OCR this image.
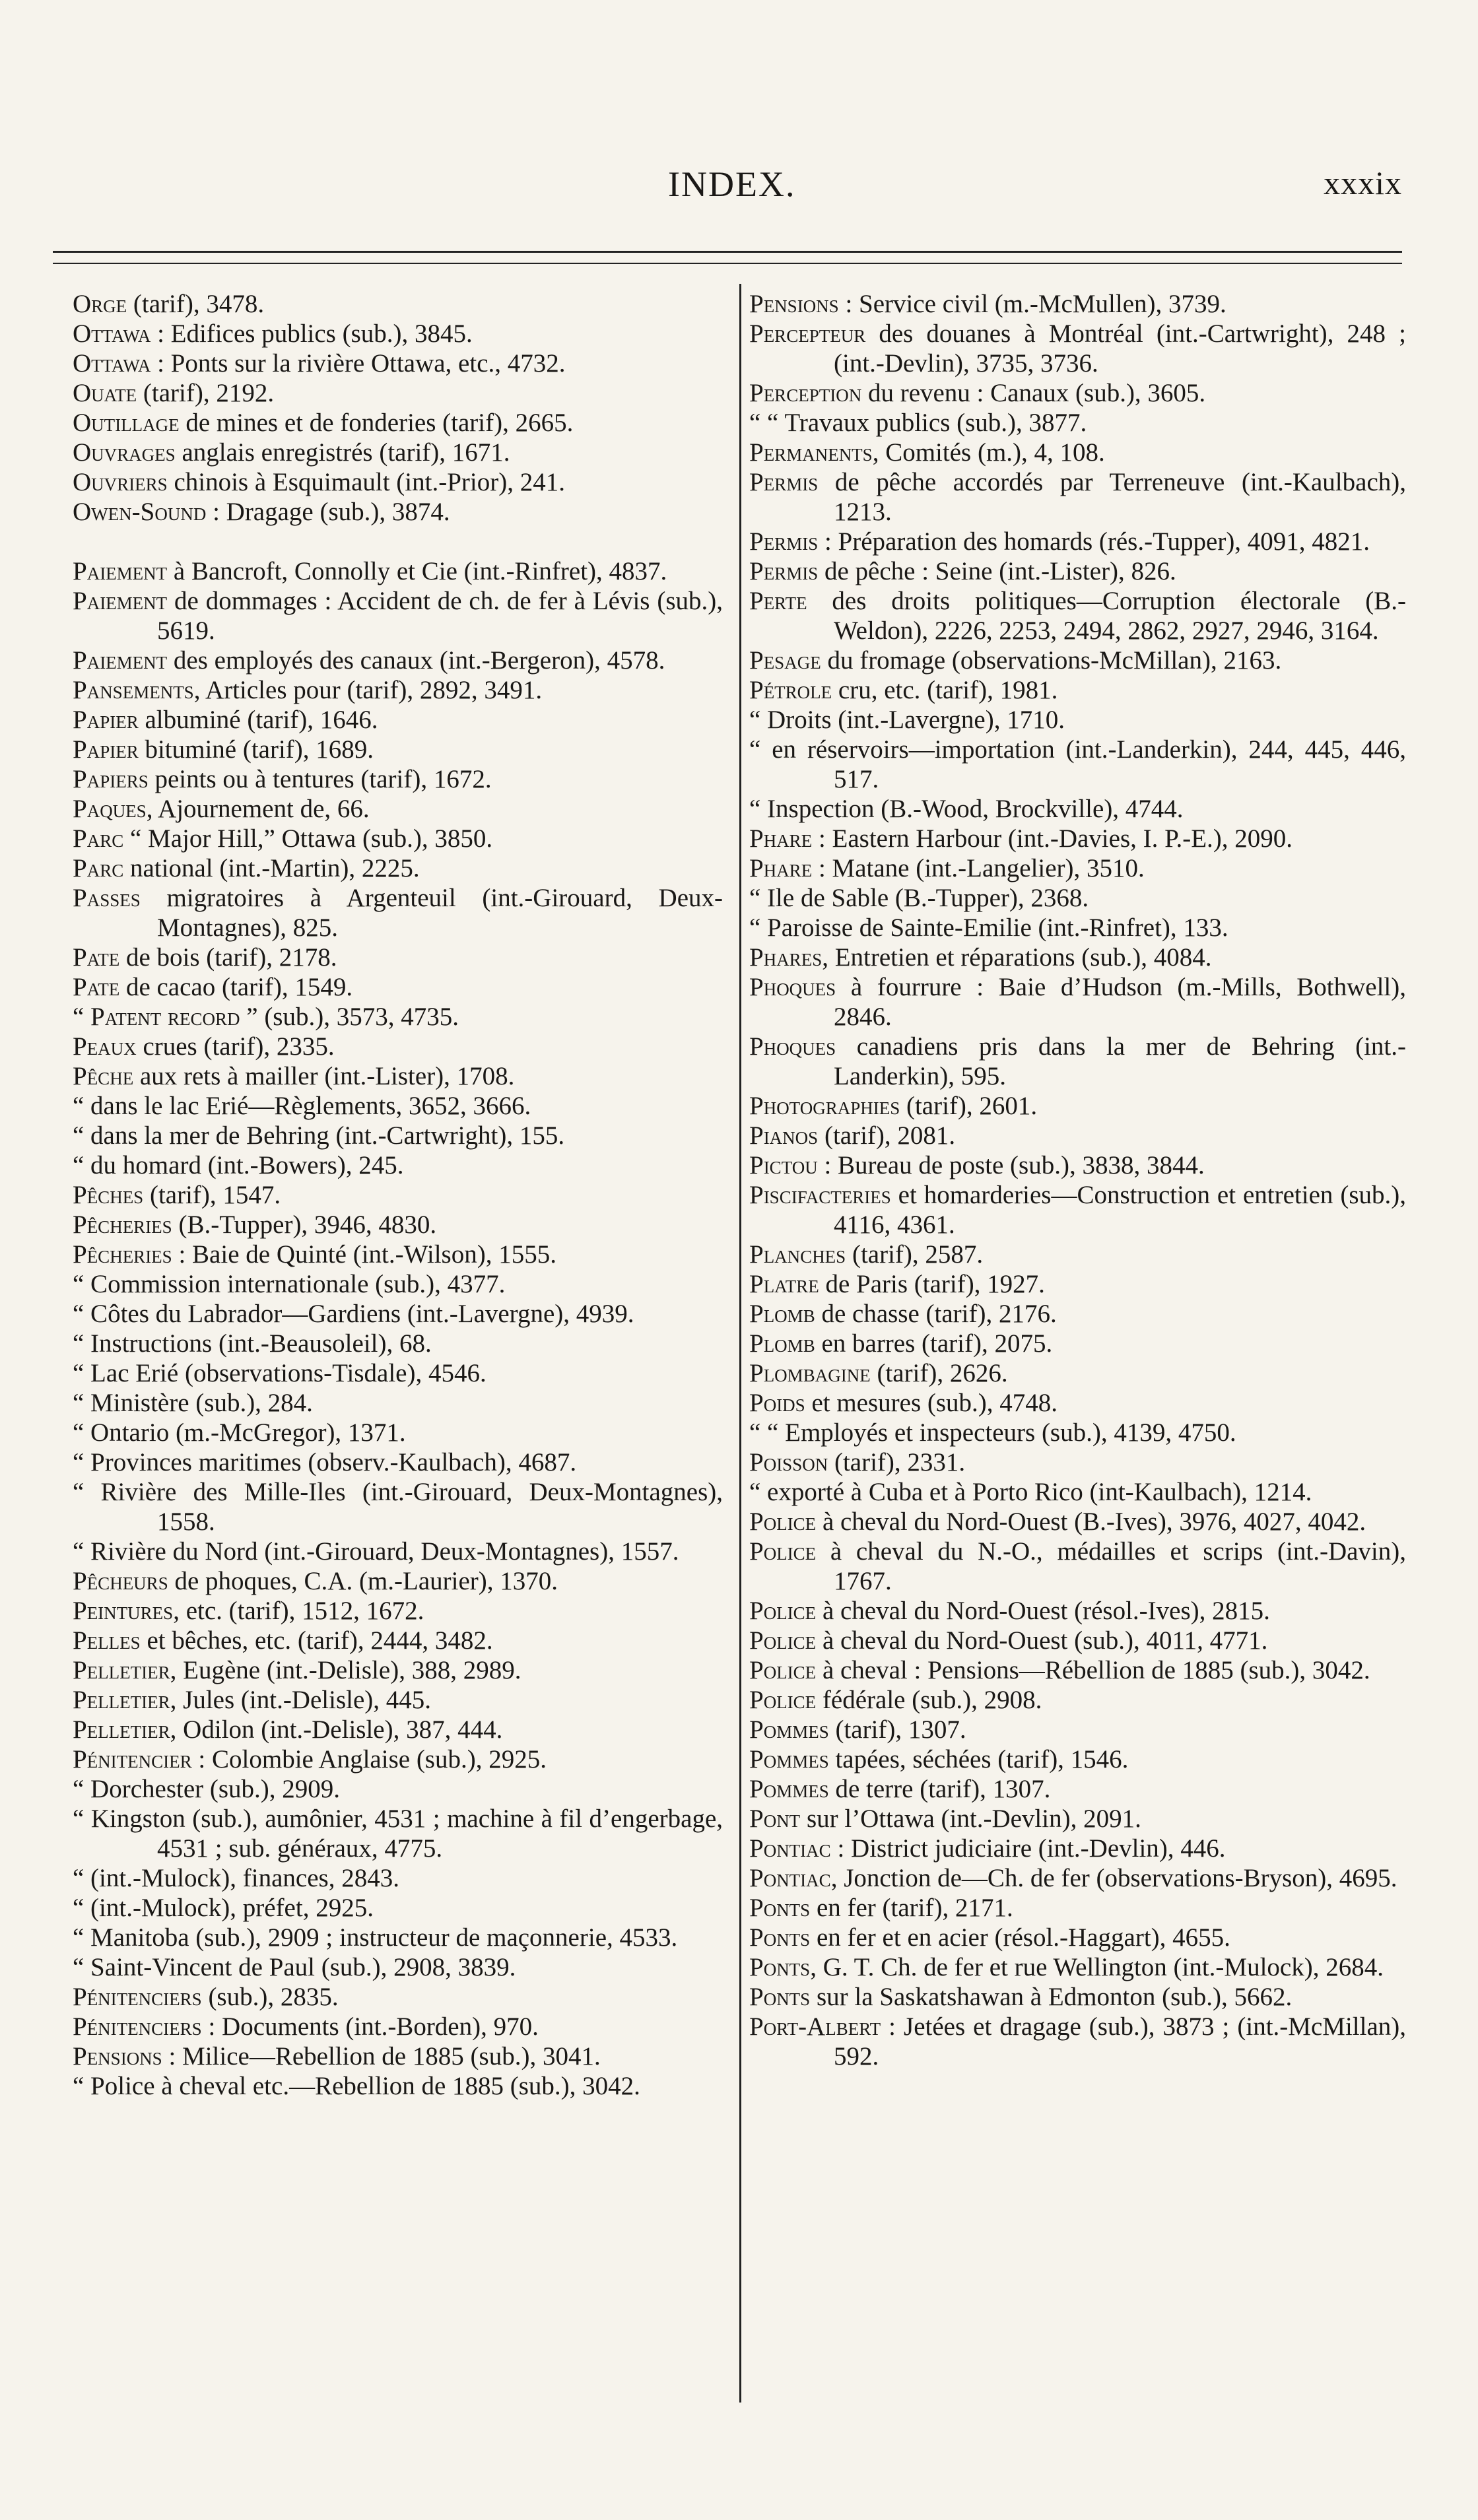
INDEX.	xxxix

Orge (tarif), 3478.

Ottawa : Edifices publics (sub.), 3845.

Ottawa : Ponts sur la rivière Ottawa, etc., 4732.

Ouate (tarif), 2192.

Outillage de mines et de fonderies (tarif), 2665.

Ouvrages anglais enregistrés (tarif), 1671.

Ouvriers chinois à Esquimault (int.-Prior), 241.

Owen-Sound : Dragage (sub.), 3874.

Paiement à Bancroft, Connolly et Cie (int.-Rinfret), 4837.

Paiement de dommages : Accident de ch. de fer à Lévis (sub.), 5619.

Paiement des employés des canaux (int.-Bergeron), 4578.

Pansements, Articles pour (tarif), 2892, 3491.

Papier albuminé (tarif), 1646.

Papier bituminé (tarif), 1689.

Papiers peints ou à tentures (tarif), 1672.

Paques, Ajournement de, 66.

Parc “ Major Hill,” Ottawa (sub.), 3850.

Parc national (int.-Martin), 2225.

Passes migratoires à Argenteuil (int.-Girouard, Deux-Montagnes), 825.

Pate de bois (tarif), 2178.

Pate de cacao (tarif), 1549.

“ Patent record ” (sub.), 3573, 4735.

Peaux crues (tarif), 2335.

Pêche aux rets à mailler (int.-Lister), 1708.

“ dans le lac Erié—Règlements, 3652, 3666.

“ dans la mer de Behring (int.-Cartwright), 155.

“ du homard (int.-Bowers), 245.

Pêches (tarif), 1547.

Pêcheries (B.-Tupper), 3946, 4830.

Pêcheries : Baie de Quinté (int.-Wilson), 1555.

“ Commission internationale (sub.), 4377.

“ Côtes du Labrador—Gardiens (int.-Lavergne), 4939.

“ Instructions (int.-Beausoleil), 68.

“ Lac Erié (observations-Tisdale), 4546.

“ Ministère (sub.), 284.

“ Ontario (m.-McGregor), 1371.

“ Provinces maritimes (observ.-Kaulbach), 4687.

“ Rivière des Mille-Iles (int.-Girouard, Deux-Montagnes), 1558.

“ Rivière du Nord (int.-Girouard, Deux-Montagnes), 1557.

Pêcheurs de phoques, C.A. (m.-Laurier), 1370.

Peintures, etc. (tarif), 1512, 1672.

Pelles et bêches, etc. (tarif), 2444, 3482.

Pelletier, Eugène (int.-Delisle), 388, 2989.

Pelletier, Jules (int.-Delisle), 445.

Pelletier, Odilon (int.-Delisle), 387, 444.

Pénitencier : Colombie Anglaise (sub.), 2925.

“ Dorchester (sub.), 2909.

“ Kingston (sub.), aumônier, 4531 ; machine à fil d’engerbage, 4531 ; sub. généraux, 4775.

“ (int.-Mulock), finances, 2843.

“ (int.-Mulock), préfet, 2925.

“ Manitoba (sub.), 2909 ; instructeur de maçonnerie, 4533.

“ Saint-Vincent de Paul (sub.), 2908, 3839.

Pénitenciers (sub.), 2835.

Pénitenciers : Documents (int.-Borden), 970.

Pensions : Milice—Rebellion de 1885 (sub.), 3041.

“ Police à cheval etc.—Rebellion de 1885 (sub.), 3042.

Pensions : Service civil (m.-McMullen), 3739.

Percepteur des douanes à Montréal (int.-Cartwright), 248 ; (int.-Devlin), 3735, 3736.

Perception du revenu : Canaux (sub.), 3605.

“ “ Travaux publics (sub.), 3877.

Permanents, Comités (m.), 4, 108.

Permis de pêche accordés par Terreneuve (int.-Kaulbach), 1213.

Permis : Préparation des homards (rés.-Tupper), 4091, 4821.

Permis de pêche : Seine (int.-Lister), 826.

Perte des droits politiques—Corruption électorale (B.-Weldon), 2226, 2253, 2494, 2862, 2927, 2946, 3164.

Pesage du fromage (observations-McMillan), 2163.

Pétrole cru, etc. (tarif), 1981.

“ Droits (int.-Lavergne), 1710.

“ en réservoirs—importation (int.-Landerkin), 244, 445, 446, 517.

“ Inspection (B.-Wood, Brockville), 4744.

Phare : Eastern Harbour (int.-Davies, I. P.-E.), 2090.

Phare : Matane (int.-Langelier), 3510.

“ Ile de Sable (B.-Tupper), 2368.

“ Paroisse de Sainte-Emilie (int.-Rinfret), 133.

Phares, Entretien et réparations (sub.), 4084.

Phoques à fourrure : Baie d’Hudson (m.-Mills, Bothwell), 2846.

Phoques canadiens pris dans la mer de Behring (int.-Landerkin), 595.

Photographies (tarif), 2601.

Pianos (tarif), 2081.

Pictou : Bureau de poste (sub.), 3838, 3844.

Piscifacteries et homarderies—Construction et entretien (sub.), 4116, 4361.

Planches (tarif), 2587.

Platre de Paris (tarif), 1927.

Plomb de chasse (tarif), 2176.

Plomb en barres (tarif), 2075.

Plombagine (tarif), 2626.

Poids et mesures (sub.), 4748.

“ “ Employés et inspecteurs (sub.), 4139, 4750.

Poisson (tarif), 2331.

“ exporté à Cuba et à Porto Rico (int-Kaulbach), 1214.

Police à cheval du Nord-Ouest (B.-Ives), 3976, 4027, 4042.

Police à cheval du N.-O., médailles et scrips (int.-Davin), 1767.

Police à cheval du Nord-Ouest (résol.-Ives), 2815.

Police à cheval du Nord-Ouest (sub.), 4011, 4771.

Police à cheval : Pensions—Rébellion de 1885 (sub.), 3042.

Police fédérale (sub.), 2908.

Pommes (tarif), 1307.

Pommes tapées, séchées (tarif), 1546.

Pommes de terre (tarif), 1307.

Pont sur l’Ottawa (int.-Devlin), 2091.

Pontiac : District judiciaire (int.-Devlin), 446.

Pontiac, Jonction de—Ch. de fer (observations-Bryson), 4695.

Ponts en fer (tarif), 2171.

Ponts en fer et en acier (résol.-Haggart), 4655.

Ponts, G. T. Ch. de fer et rue Wellington (int.-Mulock), 2684.

Ponts sur la Saskatshawan à Edmonton (sub.), 5662.

Port-Albert : Jetées et dragage (sub.), 3873 ; (int.-McMillan), 592.
